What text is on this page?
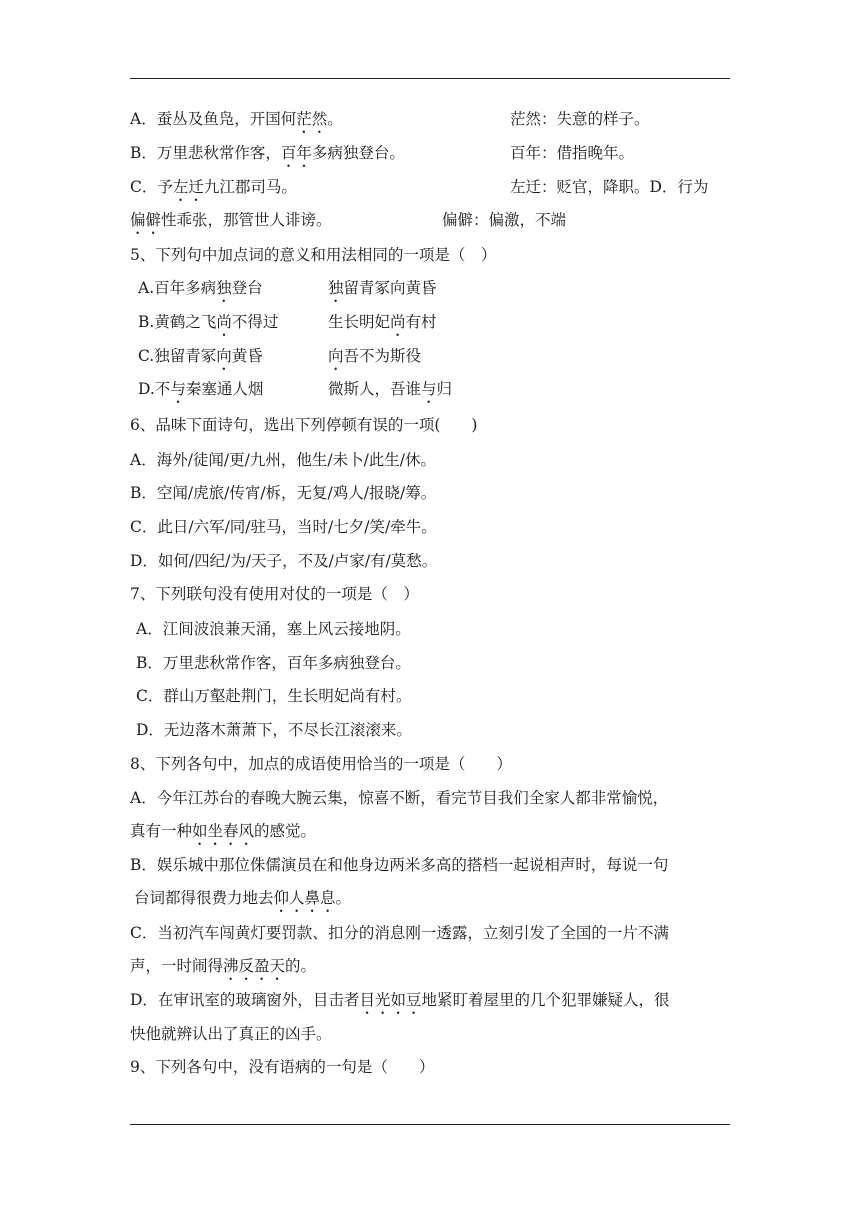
A．蚕丛及鱼凫，开国何茫然。	茫然：失意的样子。
B．万里悲秋常作客，百年多病独登台。	百年：借指晚年。
C．予左迁九江郡司马。	左迁：贬官，降职。D．行为
偏僻性乖张，那管世人诽谤。	偏僻：偏激，不端
5、下列句中加点词的意义和用法相同的一项是（　）
A.百年多病独登台	独留青冢向黄昏
B.黄鹤之飞尚不得过	生长明妃尚有村
C.独留青冢向黄昏	向吾不为斯役
D.不与秦塞通人烟	微斯人，吾谁与归
6、品味下面诗句，选出下列停顿有误的一项(　　)
A．海外/徒闻/更/九州，他生/未卜/此生/休。
B．空闻/虎旅/传宵/柝，无复/鸡人/报晓/筹。
C．此日/六军/同/驻马，当时/七夕/笑/牵牛。
D．如何/四纪/为/天子，不及/卢家/有/莫愁。
7、下列联句没有使用对仗的一项是（　）
A．江间波浪兼天涌，塞上风云接地阴。
B．万里悲秋常作客，百年多病独登台。
C．群山万壑赴荆门，生长明妃尚有村。
D．无边落木萧萧下，不尽长江滚滚来。
8、下列各句中，加点的成语使用恰当的一项是（　　）
A．今年江苏台的春晚大腕云集，惊喜不断，看完节目我们全家人都非常愉悦，
真有一种如坐春风的感觉。
B．娱乐城中那位侏儒演员在和他身边两米多高的搭档一起说相声时，每说一句
台词都得很费力地去仰人鼻息。
C．当初汽车闯黄灯要罚款、扣分的消息刚一透露，立刻引发了全国的一片不满
声，一时闹得沸反盈天的。
D．在审讯室的玻璃窗外，目击者目光如豆地紧盯着屋里的几个犯罪嫌疑人，很
快他就辨认出了真正的凶手。
9、下列各句中，没有语病的一句是（　　）
